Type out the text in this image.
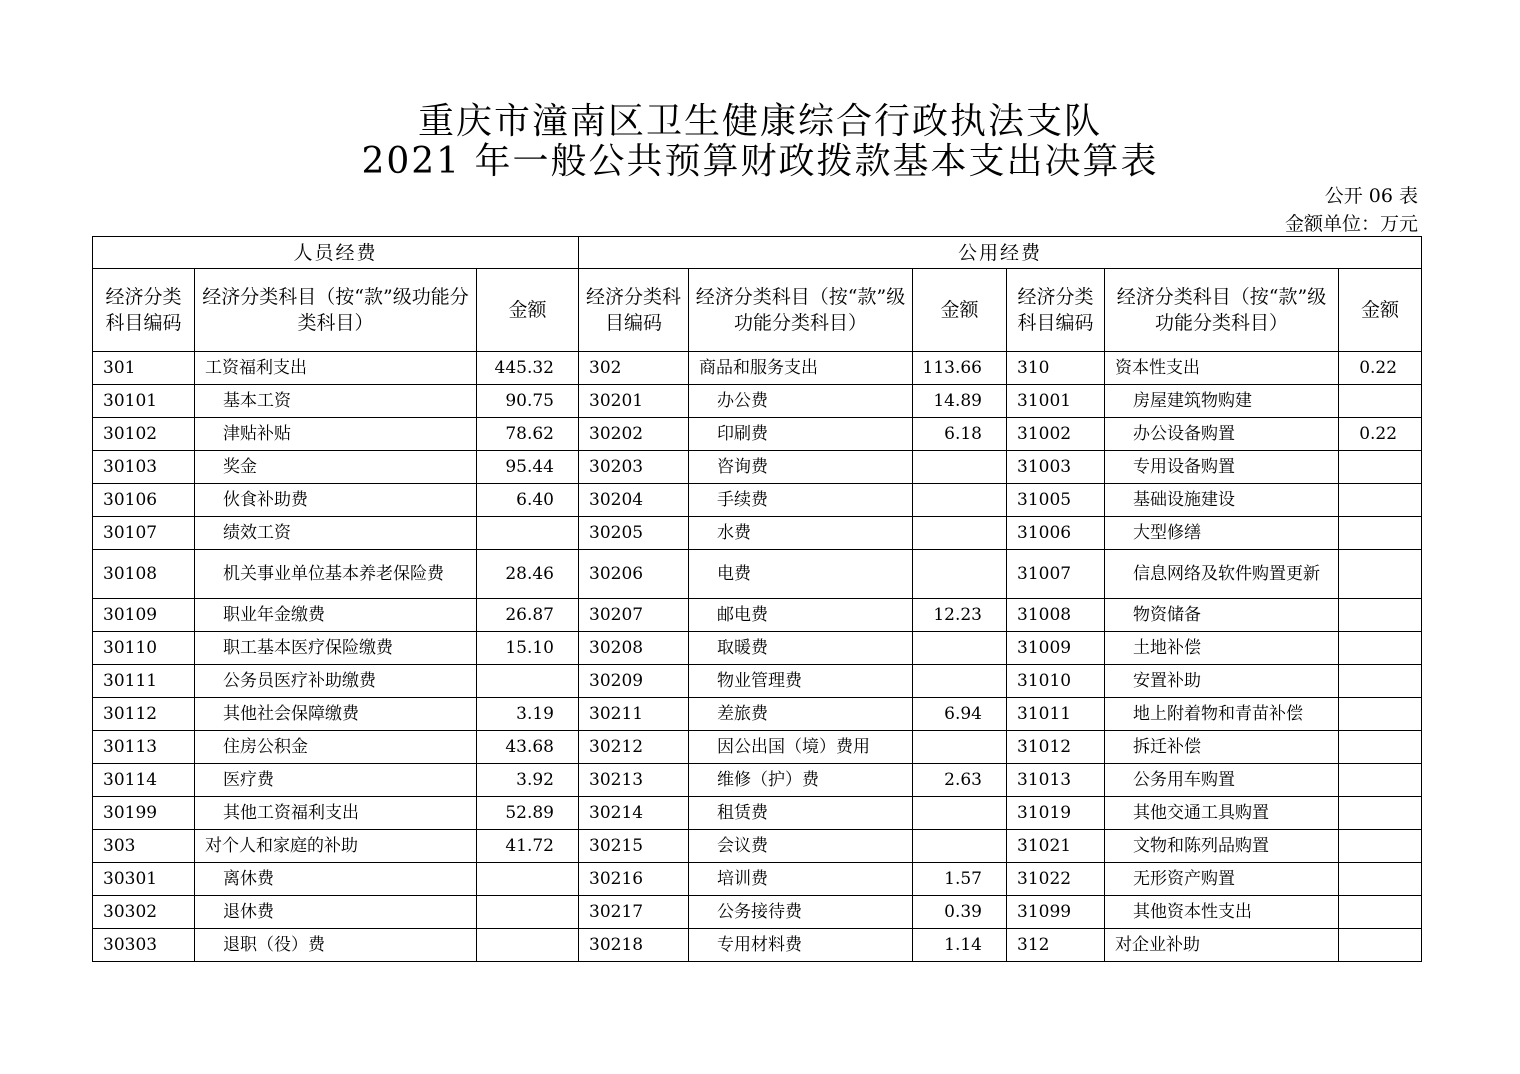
重庆市潼南区卫生健康综合行政执法支队
2021 年一般公共预算财政拨款基本支出决算表
公开 06 表
金额单位：万元
人员经费			公用经费					
经济分类科目编码	经济分类科目（按“款”级功能分类科目）	金额	经济分类科目编码	经济分类科目（按“款”级功能分类科目）	金额	经济分类科目编码	经济分类科目（按“款”级功能分类科目）	金额
301	工资福利支出	445.32	302	商品和服务支出	113.66	310	资本性支出	0.22
30101	基本工资	90.75	30201	办公费	14.89	31001	房屋建筑物购建	
30102	津贴补贴	78.62	30202	印刷费	6.18	31002	办公设备购置	0.22
30103	奖金	95.44	30203	咨询费		31003	专用设备购置	
30106	伙食补助费	6.40	30204	手续费		31005	基础设施建设	
30107	绩效工资		30205	水费		31006	大型修缮	
30108	机关事业单位基本养老保险费	28.46	30206	电费		31007	信息网络及软件购置更新	
30109	职业年金缴费	26.87	30207	邮电费	12.23	31008	物资储备	
30110	职工基本医疗保险缴费	15.10	30208	取暖费		31009	土地补偿	
30111	公务员医疗补助缴费		30209	物业管理费		31010	安置补助	
30112	其他社会保障缴费	3.19	30211	差旅费	6.94	31011	地上附着物和青苗补偿	
30113	住房公积金	43.68	30212	因公出国（境）费用		31012	拆迁补偿	
30114	医疗费	3.92	30213	维修（护）费	2.63	31013	公务用车购置	
30199	其他工资福利支出	52.89	30214	租赁费		31019	其他交通工具购置	
303	对个人和家庭的补助	41.72	30215	会议费		31021	文物和陈列品购置	
30301	离休费		30216	培训费	1.57	31022	无形资产购置	
30302	退休费		30217	公务接待费	0.39	31099	其他资本性支出	
30303	退职（役）费		30218	专用材料费	1.14	312	对企业补助	
